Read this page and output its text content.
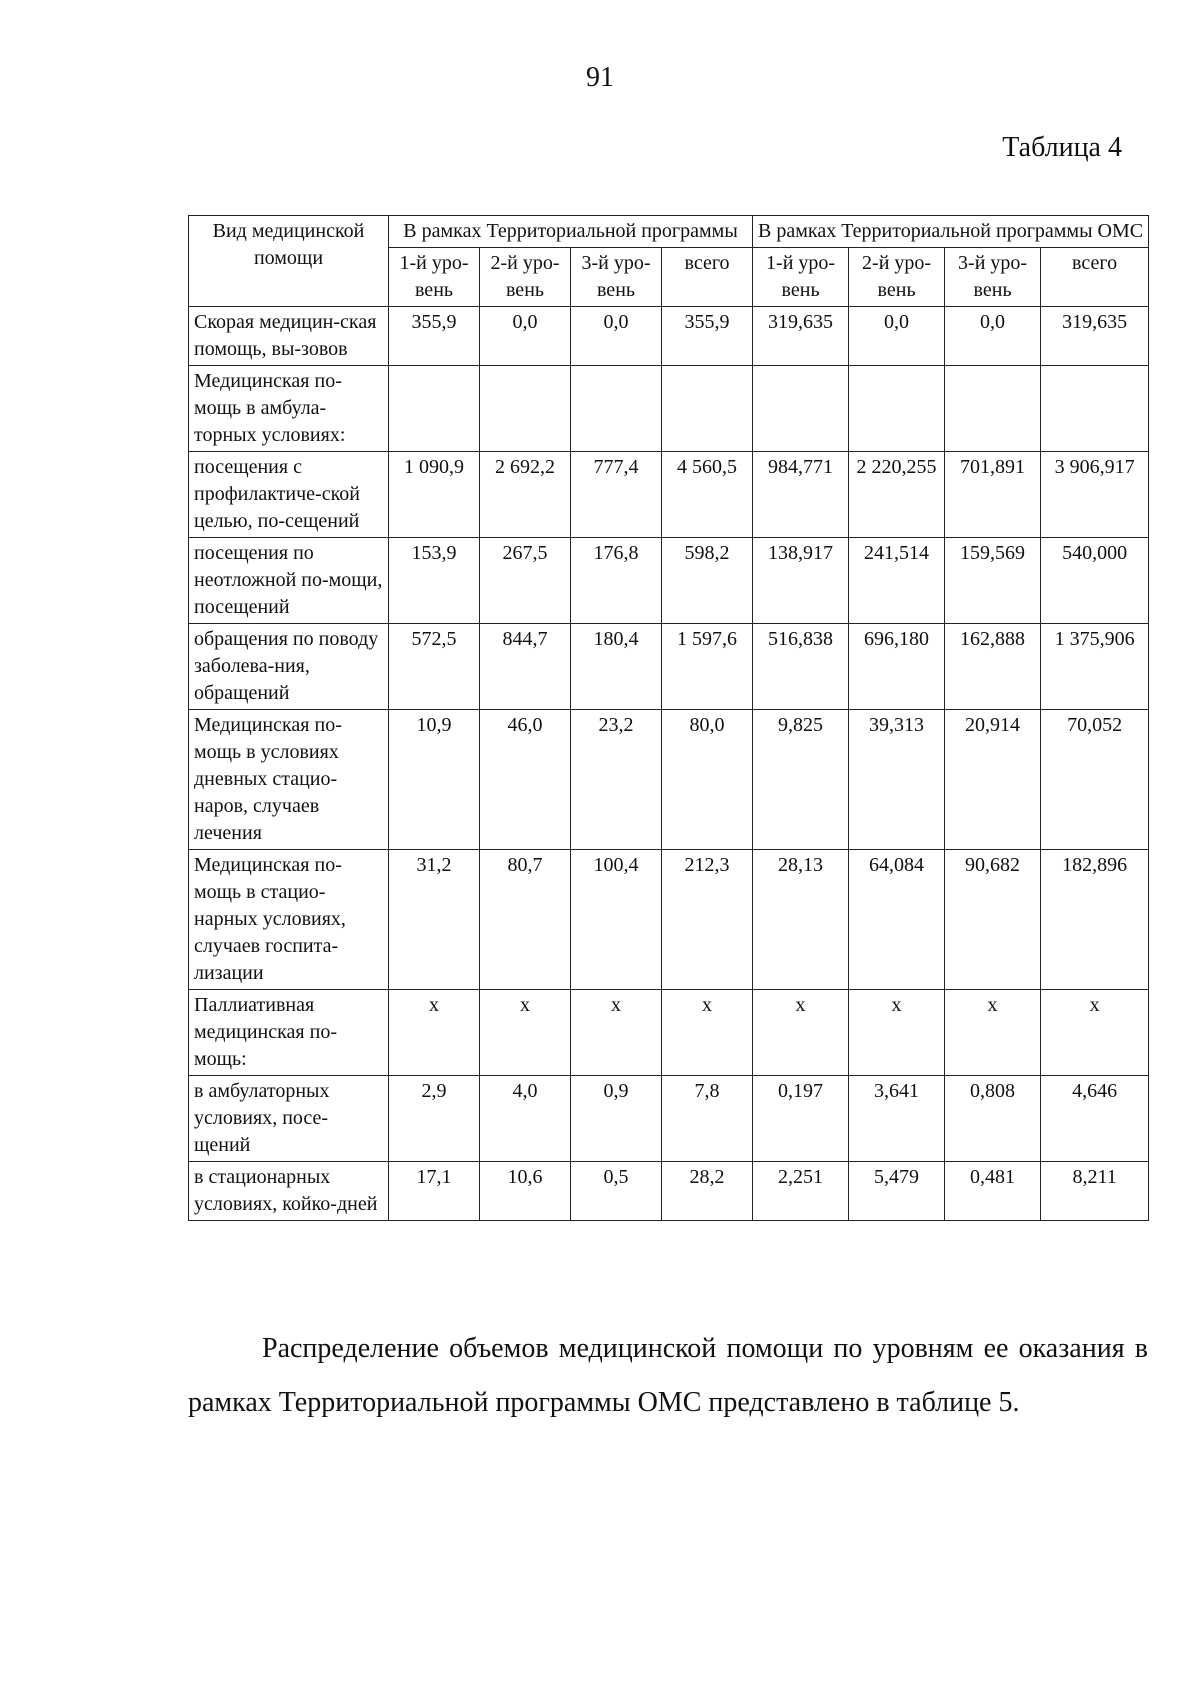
91
Таблица 4
Вид медицинской помощи	В рамках Территориальной программы				В рамках Территориальной программы ОМС			
	1-й уро-вень	2-й уро-вень	3-й уро-вень	всего	1-й уро-вень	2-й уро-вень	3-й уро-вень	всего
Скорая медицин-ская помощь, вы-зовов	355,9	0,0	0,0	355,9	319,635	0,0	0,0	319,635
Медицинская по-мощь в амбула-торных условиях:								
посещения с профилактиче-ской целью, по-сещений	1 090,9	2 692,2	777,4	4 560,5	984,771	2 220,255	701,891	3 906,917
посещения по неотложной по-мощи, посещений	153,9	267,5	176,8	598,2	138,917	241,514	159,569	540,000
обращения по поводу заболева-ния, обращений	572,5	844,7	180,4	1 597,6	516,838	696,180	162,888	1 375,906
Медицинская по-мощь в условиях дневных стацио-наров, случаев лечения	10,9	46,0	23,2	80,0	9,825	39,313	20,914	70,052
Медицинская по-мощь в стацио-нарных условиях, случаев госпита-лизации	31,2	80,7	100,4	212,3	28,13	64,084	90,682	182,896
Паллиативная медицинская по-мощь:	х	х	х	х	х	х	х	х
в амбулаторных условиях, посе-щений	2,9	4,0	0,9	7,8	0,197	3,641	0,808	4,646
в стационарных условиях, койко-дней	17,1	10,6	0,5	28,2	2,251	5,479	0,481	8,211
Распределение объемов медицинской помощи по уровням ее оказания в рамках Территориальной программы ОМС представлено в таблице 5.
